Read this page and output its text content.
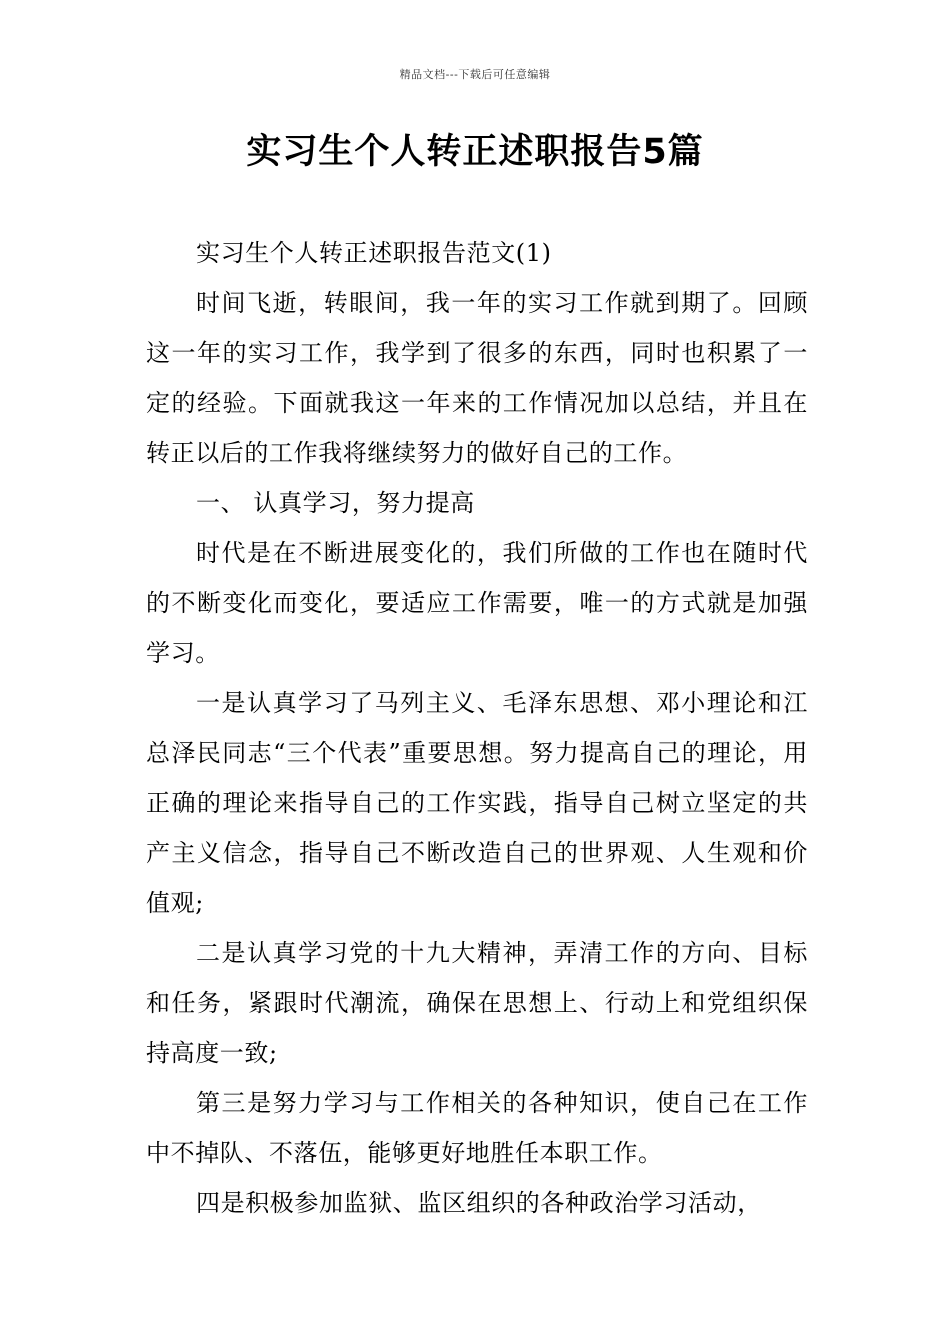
精品文档---下载后可任意编辑
实习生个人转正述职报告5篇

实习生个人转正述职报告范文(1)

时间飞逝，转眼间，我一年的实习工作就到期了。回顾这一年的实习工作，我学到了很多的东西，同时也积累了一定的经验。下面就我这一年来的工作情况加以总结，并且在转正以后的工作我将继续努力的做好自己的工作。

一、 认真学习，努力提高

时代是在不断进展变化的，我们所做的工作也在随时代的不断变化而变化，要适应工作需要，唯一的方式就是加强学习。

一是认真学习了马列主义、毛泽东思想、邓小理论和江总泽民同志“三个代表”重要思想。努力提高自己的理论，用正确的理论来指导自己的工作实践，指导自己树立坚定的共产主义信念，指导自己不断改造自己的世界观、人生观和价值观;

二是认真学习党的十九大精神，弄清工作的方向、目标和任务，紧跟时代潮流，确保在思想上、行动上和党组织保持高度一致;

第三是努力学习与工作相关的各种知识，使自己在工作中不掉队、不落伍，能够更好地胜任本职工作。

四是积极参加监狱、监区组织的各种政治学习活动，
